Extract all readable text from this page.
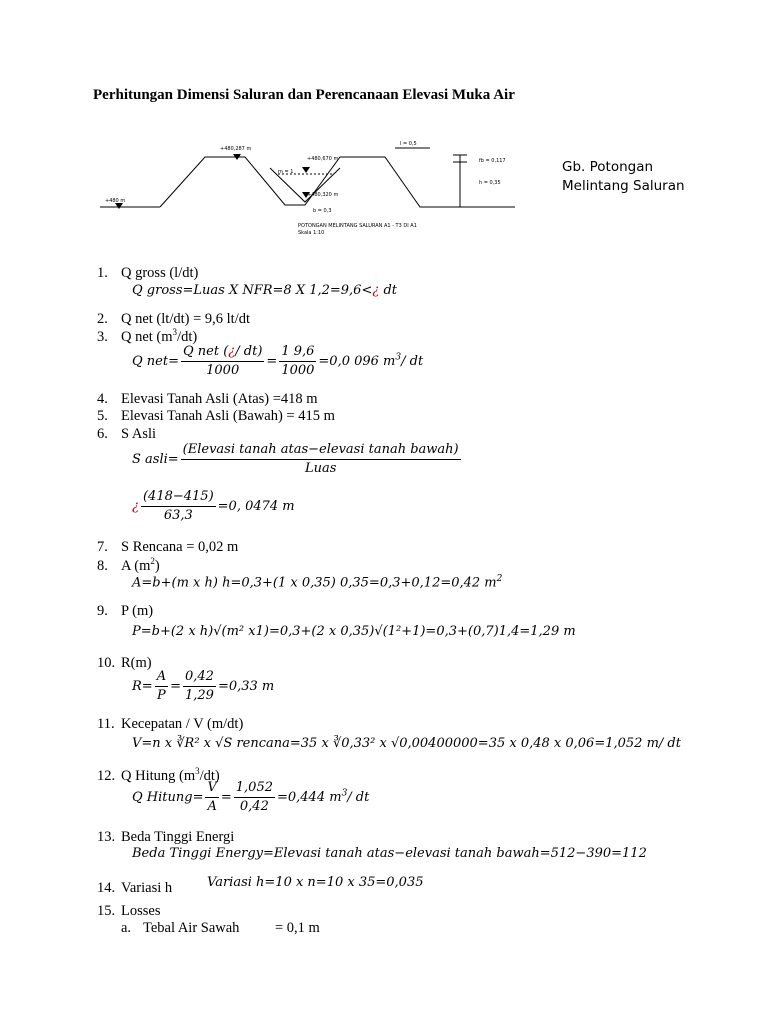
Perhitungan Dimensi Saluran dan Perencanaan Elevasi Muka Air
+480,287 m
+480,670 m
+480,320 m
+480 m
m = 1
b = 0,3
l = 0,5
fb = 0,117
h = 0,35
POTONGAN MELINTANG SALURAN A1 - T3 DI A1
Skala 1:10
Gb. Potongan
Melintang Saluran
1. Q gross (l/dt)
Q gross=Luas X NFR=8 X 1,2=9,6<¿ dt
2. Q net (lt/dt) = 9,6 lt/dt
3. Q net $(m^3/dt)$
Q $net= \frac{\text{Q net (¿/ dt)}}{1000} = \frac{1 9,6}{1000} =0,0$ 096 $m^3/$ dt
4. Elevasi Tanah Asli (Atas) =418 m
5. Elevasi Tanah Asli (Bawah) = 415 m
6. S Asli
S asli= $\frac{\text{(Elevasi tanah atas−elevasi tanah bawah)}}{\text{Luas}}$
¿ $\frac{(418-415)}{63,3} =0$, 0474 m
7. S Rencana = 0,02 m
8. A $(m^2)$
A=b+(m x h) h=0,3+(1 x 0,35) 0,35=0,3+0,12=0,42 $m^2$
9. P (m)
P=b+(2 x h)√(m² x1)=0,3+(2 x 0,35)√(1²+1)=0,3+(0,7)1,4=1,29 m
10. R(m)
$R= \frac{A}{P} = \frac{0,42}{1,29} =0,33$ m
11. Kecepatan / V (m/dt)
V=n x ∛R² x √S rencana=35 x ∛0,33² x √0,00400000=35 x 0,48 x 0,06=1,052 m/ dt
12. Q Hitung $(m^3/dt)$
Q Hitung= $\frac{V}{A} = \frac{1,052}{0,42} =0,444$ $m^3/$ dt
13. Beda Tinggi Energi
Beda Tinggi Energy=Elevasi tanah atas−elevasi tanah bawah=512−390=112
14. Variasi h	Variasi h=10 x n=10 x 35=0,035
15. Losses
a. Tebal Air Sawah = 0,1 m
